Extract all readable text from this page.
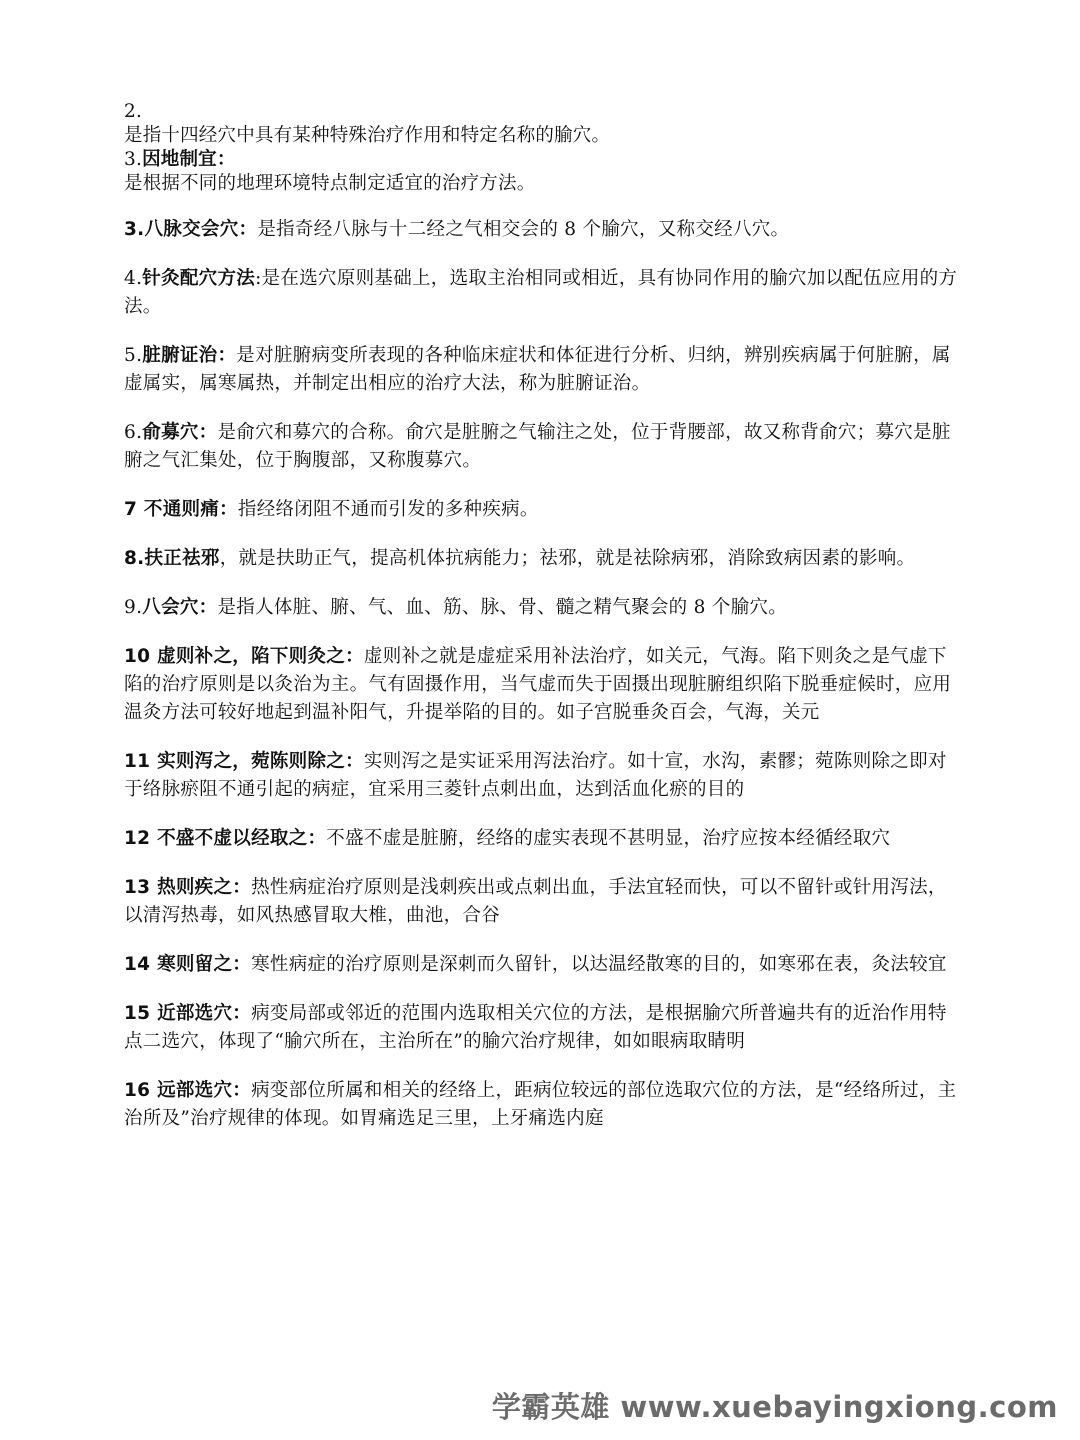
2.

是指十四经穴中具有某种特殊治疗作用和特定名称的腧穴。

3.因地制宜：

是根据不同的地理环境特点制定适宜的治疗方法。

3.八脉交会穴：是指奇经八脉与十二经之气相交会的 8 个腧穴，又称交经八穴。

4.针灸配穴方法:是在选穴原则基础上，选取主治相同或相近，具有协同作用的腧穴加以配伍应用的方法。

5.脏腑证治：是对脏腑病变所表现的各种临床症状和体征进行分析、归纳，辨别疾病属于何脏腑，属虚属实，属寒属热，并制定出相应的治疗大法，称为脏腑证治。

6.俞募穴：是俞穴和募穴的合称。俞穴是脏腑之气输注之处，位于背腰部，故又称背俞穴；募穴是脏腑之气汇集处，位于胸腹部，又称腹募穴。

7 不通则痛：指经络闭阻不通而引发的多种疾病。

8.扶正祛邪，就是扶助正气，提高机体抗病能力；祛邪，就是祛除病邪，消除致病因素的影响。

9.八会穴：是指人体脏、腑、气、血、筋、脉、骨、髓之精气聚会的 8 个腧穴。

10 虚则补之，陷下则灸之：虚则补之就是虚症采用补法治疗，如关元，气海。陷下则灸之是气虚下陷的治疗原则是以灸治为主。气有固摄作用，当气虚而失于固摄出现脏腑组织陷下脱垂症候时，应用温灸方法可较好地起到温补阳气，升提举陷的目的。如子宫脱垂灸百会，气海，关元

11 实则泻之，菀陈则除之：实则泻之是实证采用泻法治疗。如十宣，水沟，素髎；菀陈则除之即对于络脉瘀阻不通引起的病症，宜采用三菱针点刺出血，达到活血化瘀的目的

12 不盛不虚以经取之：不盛不虚是脏腑，经络的虚实表现不甚明显，治疗应按本经循经取穴

13 热则疾之：热性病症治疗原则是浅刺疾出或点刺出血，手法宜轻而快，可以不留针或针用泻法，以清泻热毒，如风热感冒取大椎，曲池，合谷

14 寒则留之：寒性病症的治疗原则是深刺而久留针，以达温经散寒的目的，如寒邪在表，灸法较宜

15 近部选穴：病变局部或邻近的范围内选取相关穴位的方法，是根据腧穴所普遍共有的近治作用特点二选穴，体现了“腧穴所在，主治所在”的腧穴治疗规律，如如眼病取睛明

16 远部选穴：病变部位所属和相关的经络上，距病位较远的部位选取穴位的方法，是“经络所过，主治所及”治疗规律的体现。如胃痛选足三里，上牙痛选内庭

学霸英雄 www.xuebayingxiong.com
